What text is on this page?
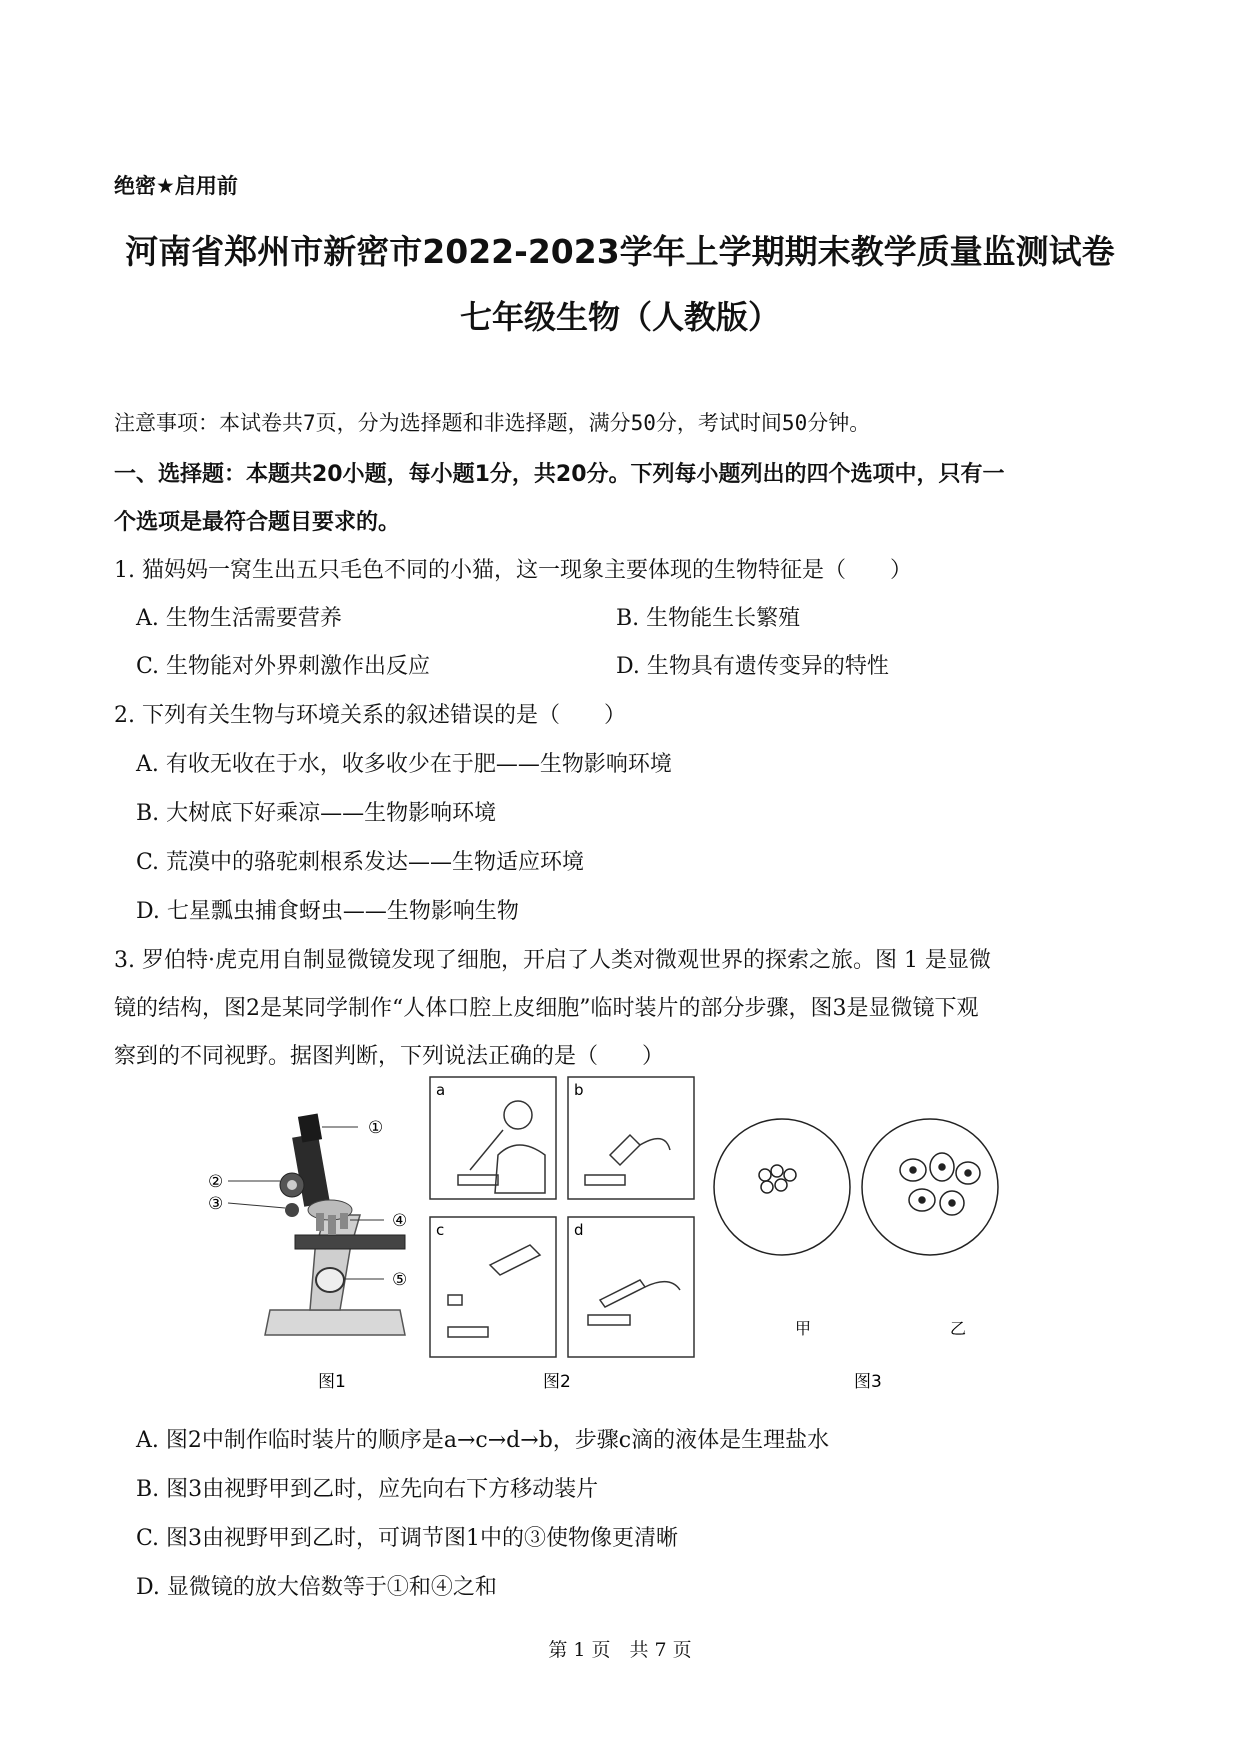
绝密★启用前
河南省郑州市新密市2022-2023学年上学期期末教学质量监测试卷
七年级生物（人教版）
注意事项：本试卷共7页，分为选择题和非选择题，满分50分，考试时间50分钟。
一、选择题：本题共20小题，每小题1分，共20分。下列每小题列出的四个选项中，只有一
个选项是最符合题目要求的。
1. 猫妈妈一窝生出五只毛色不同的小猫，这一现象主要体现的生物特征是（　　）
A. 生物生活需要营养	B. 生物能生长繁殖
C. 生物能对外界刺激作出反应	D. 生物具有遗传变异的特性
2. 下列有关生物与环境关系的叙述错误的是（　　）
A. 有收无收在于水，收多收少在于肥——生物影响环境
B. 大树底下好乘凉——生物影响环境
C. 荒漠中的骆驼刺根系发达——生物适应环境
D. 七星瓢虫捕食蚜虫——生物影响生物
3. 罗伯特·虎克用自制显微镜发现了细胞，开启了人类对微观世界的探索之旅。图 1 是显微
镜的结构，图2是某同学制作“人体口腔上皮细胞”临时装片的部分步骤，图3是显微镜下观
察到的不同视野。据图判断，下列说法正确的是（　　）
①
②
③
④
⑤
图1
a	b
c	d
图2
甲	乙
图3
A. 图2中制作临时装片的顺序是a→c→d→b，步骤c滴的液体是生理盐水
B. 图3由视野甲到乙时，应先向右下方移动装片
C. 图3由视野甲到乙时，可调节图1中的③使物像更清晰
D. 显微镜的放大倍数等于①和④之和
第 1 页　共 7 页
